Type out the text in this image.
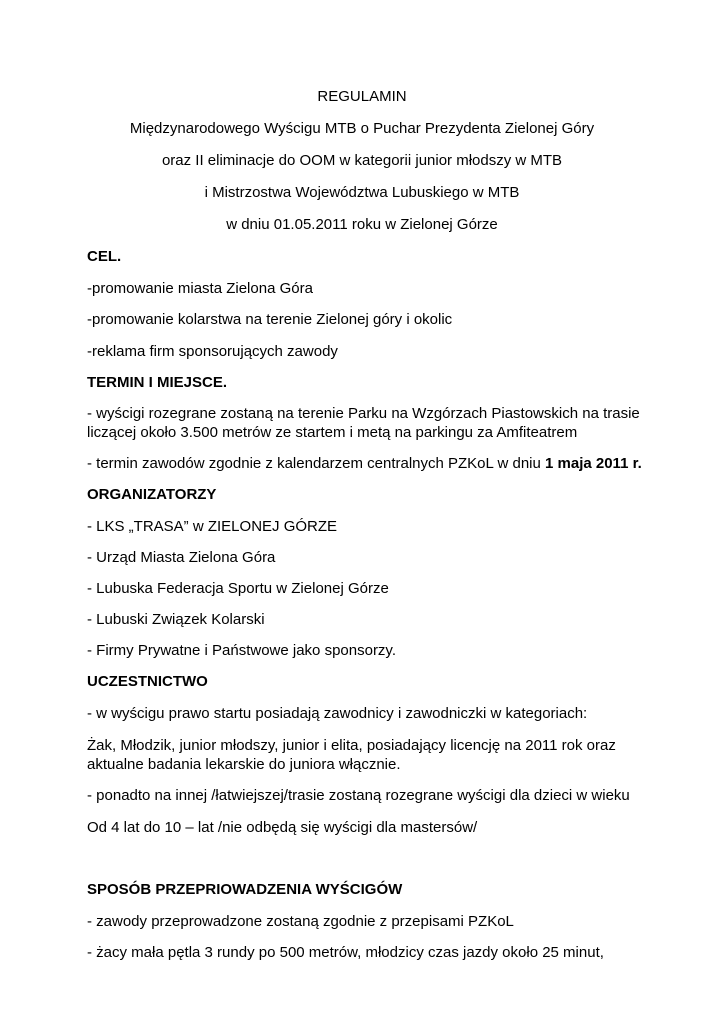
REGULAMIN
Międzynarodowego Wyścigu MTB o Puchar Prezydenta Zielonej Góry
oraz II eliminacje do OOM w kategorii junior młodszy w MTB
i Mistrzostwa Województwa Lubuskiego w MTB
w dniu 01.05.2011 roku w Zielonej Górze
CEL.
-promowanie miasta Zielona Góra
-promowanie kolarstwa na terenie Zielonej góry i okolic
-reklama firm sponsorujących zawody
TERMIN I MIEJSCE.
- wyścigi rozegrane zostaną na terenie Parku na Wzgórzach Piastowskich na trasie
liczącej około 3.500 metrów ze startem i metą na parkingu za Amfiteatrem
- termin zawodów zgodnie z kalendarzem centralnych PZKoL w dniu 1 maja 2011 r.
ORGANIZATORZY
- LKS „TRASA” w ZIELONEJ GÓRZE
- Urząd Miasta Zielona Góra
- Lubuska Federacja Sportu w Zielonej Górze
- Lubuski Związek Kolarski
- Firmy Prywatne i Państwowe jako sponsorzy.
UCZESTNICTWO
- w wyścigu prawo startu posiadają zawodnicy i zawodniczki w kategoriach:
Żak, Młodzik, junior młodszy, junior i elita, posiadający licencję na 2011 rok oraz
aktualne badania lekarskie do juniora włącznie.
- ponadto na innej /łatwiejszej/trasie zostaną rozegrane wyścigi dla dzieci w wieku
Od 4 lat do 10 – lat /nie odbędą się wyścigi dla mastersów/
SPOSÓB PRZEPRIOWADZENIA WYŚCIGÓW
- zawody przeprowadzone zostaną zgodnie z przepisami PZKoL
- żacy mała pętla 3 rundy po 500 metrów, młodzicy czas jazdy około 25 minut,
